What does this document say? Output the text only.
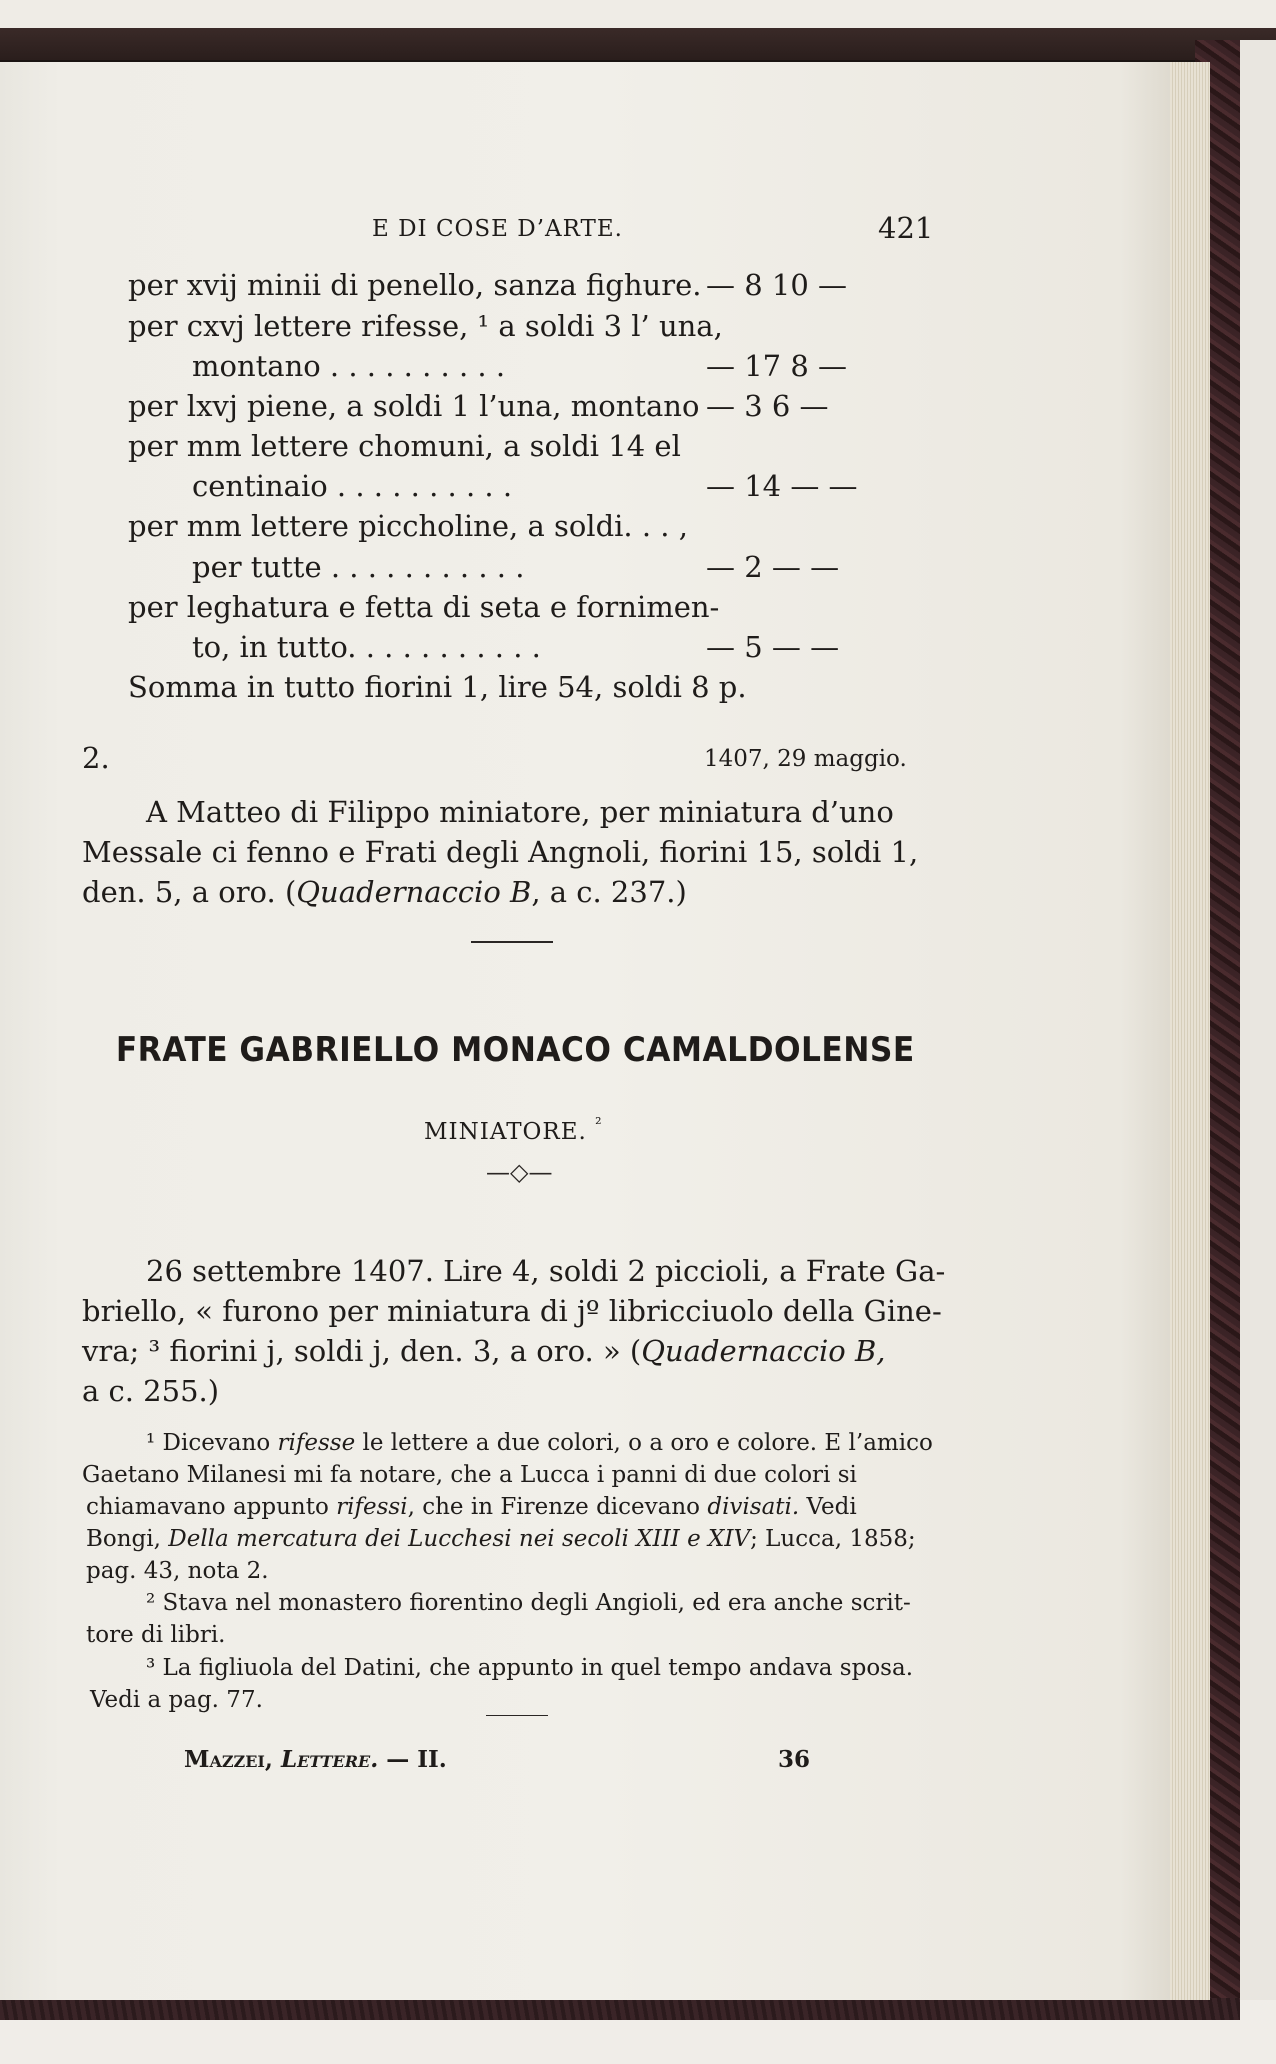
E DI COSE D’ARTE.	421
per xvij minii di penello, sanza fighure. — 8 10 —
per cxvj lettere rifesse, ¹ a soldi 3 l’ una,
montano . . . . . . . . . .	— 17 8 —
per lxvj piene, a soldi 1 l’una, montano — 3 6 —
per mm lettere chomuni, a soldi 14 el
centinaio . . . . . . . . . .	— 14 — —
per mm lettere piccholine, a soldi. . . ,
per tutte . . . . . . . . . . .	— 2 — —
per leghatura e fetta di seta e fornimen-
to, in tutto. . . . . . . . . . .	— 5 — —
Somma in tutto fiorini 1, lire 54, soldi 8 p.
2.	1407, 29 maggio.
A Matteo di Filippo miniatore, per miniatura d’uno
Messale ci fenno e Frati degli Angnoli, fiorini 15, soldi 1,
den. 5, a oro. (Quadernaccio B, a c. 237.)
FRATE GABRIELLO MONACO CAMALDOLENSE
MINIATORE. $^{^2}$
—◇—
26 settembre 1407. Lire 4, soldi 2 piccioli, a Frate Ga-
briello, « furono per miniatura di jº libricciuolo della Gine-
vra; ³ fiorini j, soldi j, den. 3, a oro. » (Quadernaccio B,
a c. 255.)
¹ Dicevano rifesse le lettere a due colori, o a oro e colore. E l’amico
Gaetano Milanesi mi fa notare, che a Lucca i panni di due colori si
chiamavano appunto rifessi, che in Firenze dicevano divisati. Vedi
Bongi, Della mercatura dei Lucchesi nei secoli XIII e XIV; Lucca, 1858;
pag. 43, nota 2.
² Stava nel monastero fiorentino degli Angioli, ed era anche scrit-
tore di libri.
³ La figliuola del Datini, che appunto in quel tempo andava sposa.
Vedi a pag. 77.
Mazzei, Lettere. — II.	36
